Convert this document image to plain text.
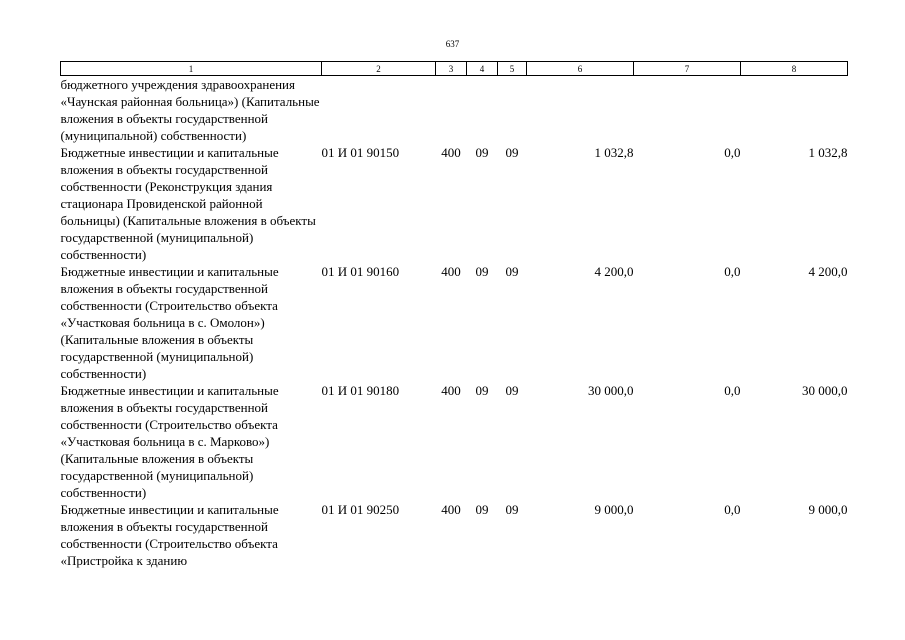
637
1	2	3	4	5	6	7	8
бюджетного учреждения здравоохранения «Чаунская районная больница») (Капитальные вложения в объекты государственной (муниципальной) собственности)							
Бюджетные инвестиции и капитальные вложения в объекты государственной собственности (Реконструкция здания стационара Провиденской районной больницы) (Капитальные вложения в объекты государственной (муниципальной) собственности)	01 И 01 90150	400	09	09	1 032,8	0,0	1 032,8
Бюджетные инвестиции и капитальные вложения в объекты государственной собственности (Строительство объекта «Участковая больница в с. Омолон») (Капитальные вложения в объекты государственной (муниципальной) собственности)	01 И 01 90160	400	09	09	4 200,0	0,0	4 200,0
Бюджетные инвестиции и капитальные вложения в объекты государственной собственности (Строительство объекта «Участковая больница в с. Марково») (Капитальные вложения в объекты государственной (муниципальной) собственности)	01 И 01 90180	400	09	09	30 000,0	0,0	30 000,0
Бюджетные инвестиции и капитальные вложения в объекты государственной собственности (Строительство объекта «Пристройка к зданию	01 И 01 90250	400	09	09	9 000,0	0,0	9 000,0
